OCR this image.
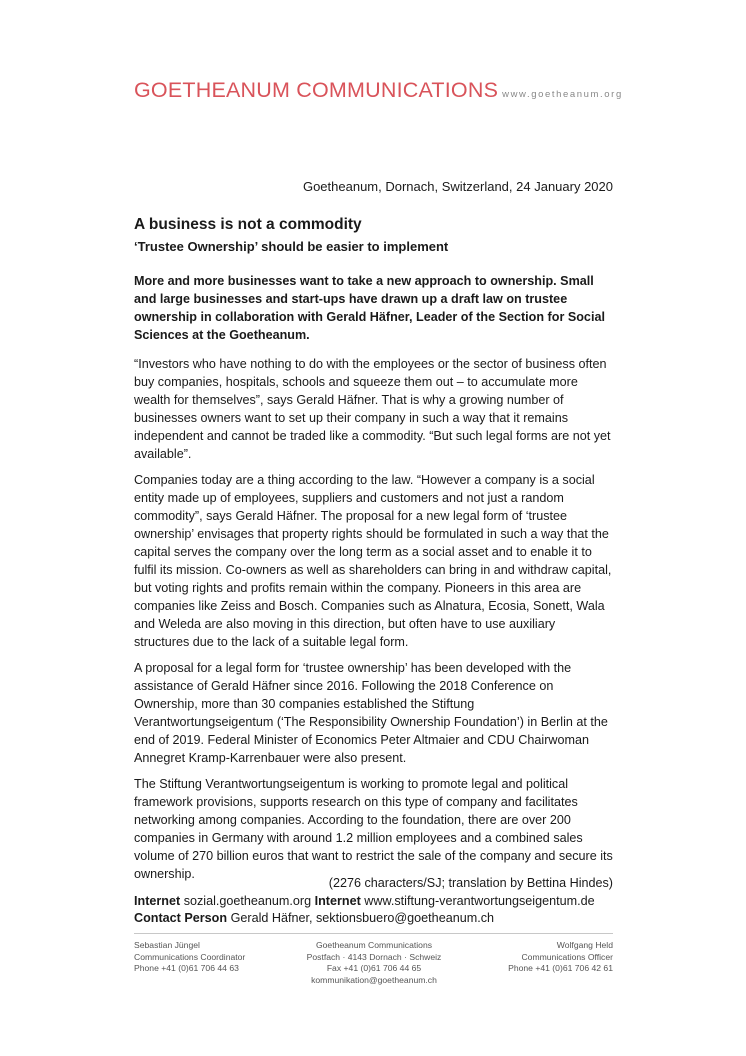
GOETHEANUM COMMUNICATIONS www.goetheanum.org
Goetheanum, Dornach, Switzerland, 24 January 2020
A business is not a commodity
‘Trustee Ownership’ should be easier to implement
More and more businesses want to take a new approach to ownership. Small and large businesses and start-ups have drawn up a draft law on trustee ownership in collaboration with Gerald Häfner, Leader of the Section for Social Sciences at the Goetheanum.

“Investors who have nothing to do with the employees or the sector of business often buy companies, hospitals, schools and squeeze them out – to accumulate more wealth for themselves”, says Gerald Häfner. That is why a growing number of businesses owners want to set up their company in such a way that it remains independent and cannot be traded like a commodity. “But such legal forms are not yet available”.

Companies today are a thing according to the law. “However a company is a social entity made up of employees, suppliers and customers and not just a random commodity”, says Gerald Häfner. The proposal for a new legal form of ‘trustee ownership’ envisages that property rights should be formulated in such a way that the capital serves the company over the long term as a social asset and to enable it to fulfil its mission. Co-owners as well as shareholders can bring in and withdraw capital, but voting rights and profits remain within the company. Pioneers in this area are companies like Zeiss and Bosch. Companies such as Alnatura, Ecosia, Sonett, Wala and Weleda are also moving in this direction, but often have to use auxiliary structures due to the lack of a suitable legal form.

A proposal for a legal form for ‘trustee ownership’ has been developed with the assistance of Gerald Häfner since 2016. Following the 2018 Conference on Ownership, more than 30 companies established the Stiftung Verantwortungseigentum (‘The Responsibility Ownership Foundation’) in Berlin at the end of 2019. Federal Minister of Economics Peter Altmaier and CDU Chairwoman Annegret Kramp-Karrenbauer were also present.

The Stiftung Verantwortungseigentum is working to promote legal and political framework provisions, supports research on this type of company and facilitates networking among companies. According to the foundation, there are over 200 companies in Germany with around 1.2 million employees and a combined sales volume of 270 billion euros that want to restrict the sale of the company and secure its ownership.

(2276 characters/SJ; translation by Bettina Hindes)
Internet sozial.goetheanum.org Internet www.stiftung-verantwortungseigentum.de
Contact Person Gerald Häfner, sektionsbuero@goetheanum.ch
Sebastian Jüngel
Communications Coordinator
Phone +41 (0)61 706 44 63
Goetheanum Communications
Postfach · 4143 Dornach · Schweiz
Fax +41 (0)61 706 44 65
kommunikation@goetheanum.ch
Wolfgang Held
Communications Officer
Phone +41 (0)61 706 42 61
